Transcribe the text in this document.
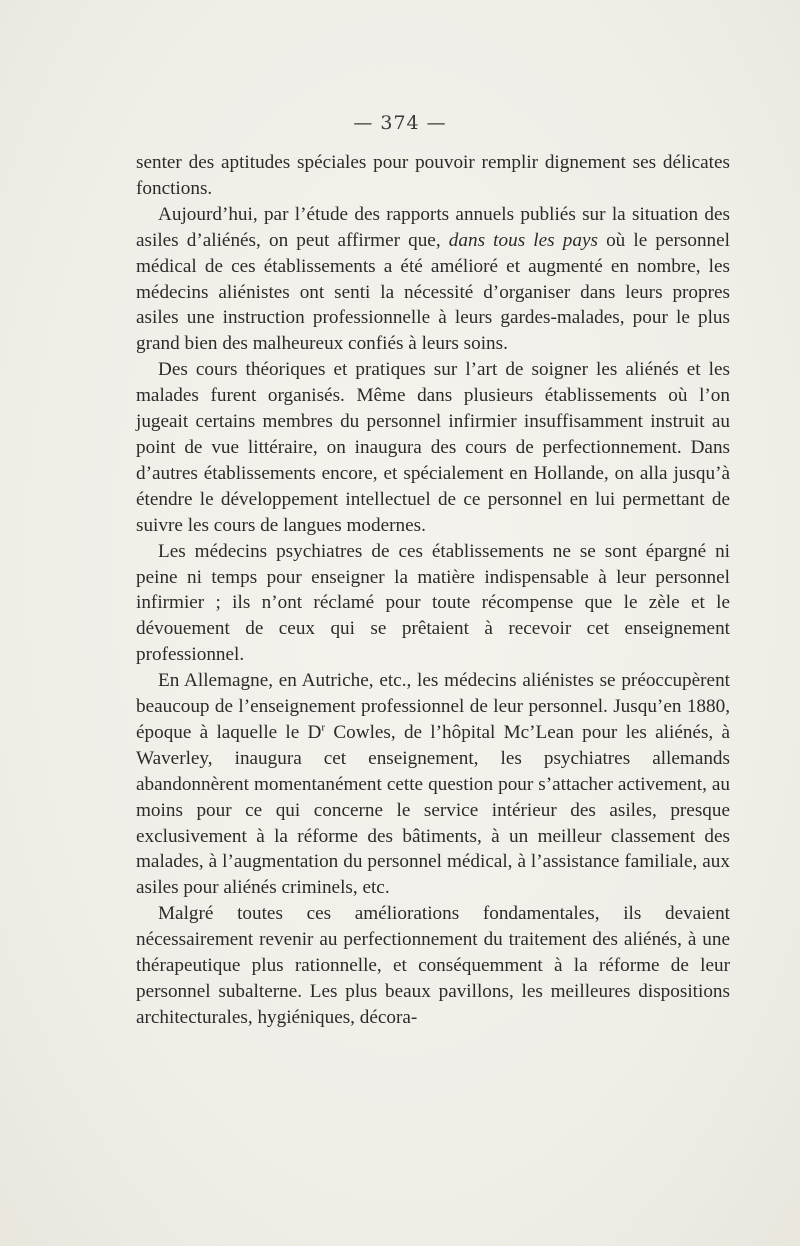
— 374 —

senter des aptitudes spéciales pour pouvoir remplir dignement ses délicates fonctions.

Aujourd’hui, par l’étude des rapports annuels publiés sur la situation des asiles d’aliénés, on peut affirmer que, dans tous les pays où le personnel médical de ces établissements a été amélioré et augmenté en nombre, les médecins aliénistes ont senti la nécessité d’organiser dans leurs propres asiles une instruction professionnelle à leurs gardes-malades, pour le plus grand bien des malheureux confiés à leurs soins.

Des cours théoriques et pratiques sur l’art de soigner les aliénés et les malades furent organisés. Même dans plusieurs établissements où l’on jugeait certains membres du personnel infirmier insuffisamment instruit au point de vue littéraire, on inaugura des cours de perfectionnement. Dans d’autres établissements encore, et spécialement en Hollande, on alla jusqu’à étendre le développement intellectuel de ce personnel en lui permettant de suivre les cours de langues modernes.

Les médecins psychiatres de ces établissements ne se sont épargné ni peine ni temps pour enseigner la matière indispensable à leur personnel infirmier ; ils n’ont réclamé pour toute récompense que le zèle et le dévouement de ceux qui se prêtaient à recevoir cet enseignement professionnel.

En Allemagne, en Autriche, etc., les médecins aliénistes se préoccupèrent beaucoup de l’enseignement professionnel de leur personnel. Jusqu’en 1880, époque à laquelle le $D^r$ Cowles, de l’hôpital Mc’Lean pour les aliénés, à Waverley, inaugura cet enseignement, les psychiatres allemands abandonnèrent momentanément cette question pour s’attacher activement, au moins pour ce qui concerne le service intérieur des asiles, presque exclusivement à la réforme des bâtiments, à un meilleur classement des malades, à l’augmentation du personnel médical, à l’assistance familiale, aux asiles pour aliénés criminels, etc.

Malgré toutes ces améliorations fondamentales, ils devaient nécessairement revenir au perfectionnement du traitement des aliénés, à une thérapeutique plus rationnelle, et conséquemment à la réforme de leur personnel subalterne. Les plus beaux pavillons, les meilleures dispositions architecturales, hygiéniques, décora-
